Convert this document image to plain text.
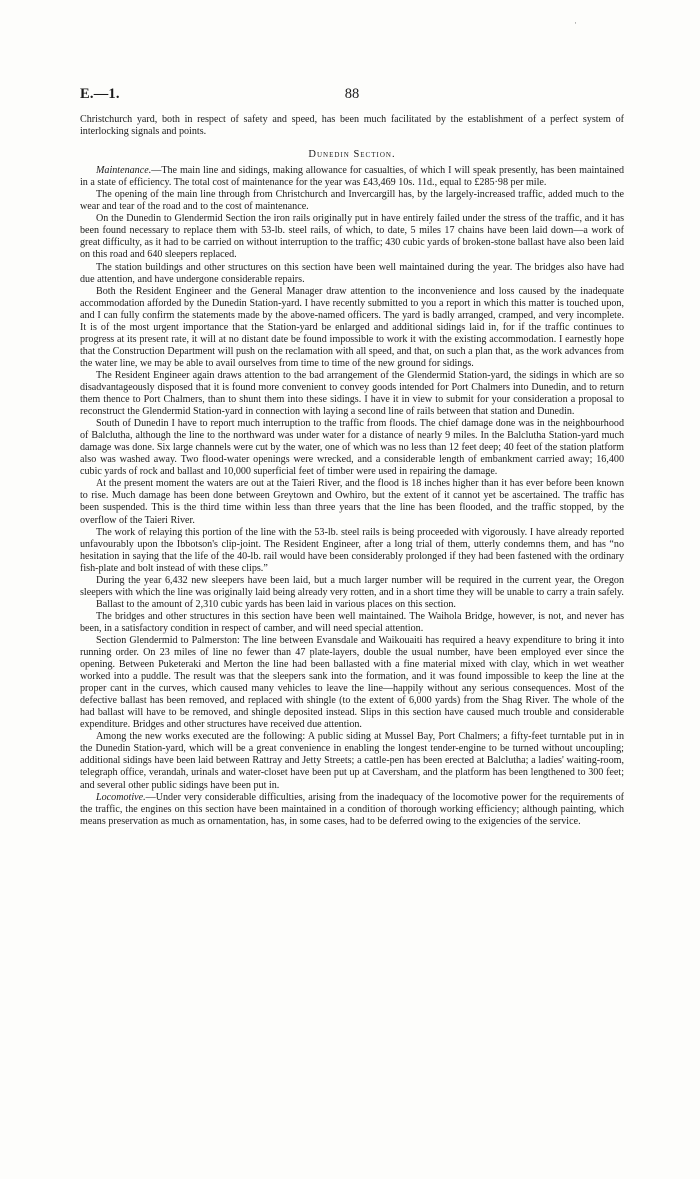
·
E.—1.	88

Christchurch yard, both in respect of safety and speed, has been much facilitated by the establishment of a perfect system of interlocking signals and points.

Dunedin Section.

Maintenance.—The main line and sidings, making allowance for casualties, of which I will speak presently, has been maintained in a state of efficiency. The total cost of maintenance for the year was £43,469 10s. 11d., equal to £285·98 per mile.

The opening of the main line through from Christchurch and Invercargill has, by the largely-increased traffic, added much to the wear and tear of the road and to the cost of maintenance.

On the Dunedin to Glendermid Section the iron rails originally put in have entirely failed under the stress of the traffic, and it has been found necessary to replace them with 53-lb. steel rails, of which, to date, 5 miles 17 chains have been laid down—a work of great difficulty, as it had to be carried on without interruption to the traffic; 430 cubic yards of broken-stone ballast have also been laid on this road and 640 sleepers replaced.

The station buildings and other structures on this section have been well maintained during the year. The bridges also have had due attention, and have undergone considerable repairs.

Both the Resident Engineer and the General Manager draw attention to the inconvenience and loss caused by the inadequate accommodation afforded by the Dunedin Station-yard. I have recently submitted to you a report in which this matter is touched upon, and I can fully confirm the statements made by the above-named officers. The yard is badly arranged, cramped, and very incomplete. It is of the most urgent importance that the Station-yard be enlarged and additional sidings laid in, for if the traffic continues to progress at its present rate, it will at no distant date be found impossible to work it with the existing accommodation. I earnestly hope that the Construction Department will push on the reclamation with all speed, and that, on such a plan that, as the work advances from the water line, we may be able to avail ourselves from time to time of the new ground for sidings.

The Resident Engineer again draws attention to the bad arrangement of the Glendermid Station-yard, the sidings in which are so disadvantageously disposed that it is found more convenient to convey goods intended for Port Chalmers into Dunedin, and to return them thence to Port Chalmers, than to shunt them into these sidings. I have it in view to submit for your consideration a proposal to reconstruct the Glendermid Station-yard in connection with laying a second line of rails between that station and Dunedin.

South of Dunedin I have to report much interruption to the traffic from floods. The chief damage done was in the neighbourhood of Balclutha, although the line to the northward was under water for a distance of nearly 9 miles. In the Balclutha Station-yard much damage was done. Six large channels were cut by the water, one of which was no less than 12 feet deep; 40 feet of the station platform also was washed away. Two flood-water openings were wrecked, and a considerable length of embankment carried away; 16,400 cubic yards of rock and ballast and 10,000 superficial feet of timber were used in repairing the damage.

At the present moment the waters are out at the Taieri River, and the flood is 18 inches higher than it has ever before been known to rise. Much damage has been done between Greytown and Owhiro, but the extent of it cannot yet be ascertained. The traffic has been suspended. This is the third time within less than three years that the line has been flooded, and the traffic stopped, by the overflow of the Taieri River.

The work of relaying this portion of the line with the 53-lb. steel rails is being proceeded with vigorously. I have already reported unfavourably upon the Ibbotson's clip-joint. The Resident Engineer, after a long trial of them, utterly condemns them, and has “no hesitation in saying that the life of the 40-lb. rail would have been considerably prolonged if they had been fastened with the ordinary fish-plate and bolt instead of with these clips.”

During the year 6,432 new sleepers have been laid, but a much larger number will be required in the current year, the Oregon sleepers with which the line was originally laid being already very rotten, and in a short time they will be unable to carry a train safely.

Ballast to the amount of 2,310 cubic yards has been laid in various places on this section.

The bridges and other structures in this section have been well maintained. The Waihola Bridge, however, is not, and never has been, in a satisfactory condition in respect of camber, and will need special attention.

Section Glendermid to Palmerston: The line between Evansdale and Waikouaiti has required a heavy expenditure to bring it into running order. On 23 miles of line no fewer than 47 plate-layers, double the usual number, have been employed ever since the opening. Between Puketeraki and Merton the line had been ballasted with a fine material mixed with clay, which in wet weather worked into a puddle. The result was that the sleepers sank into the formation, and it was found impossible to keep the line at the proper cant in the curves, which caused many vehicles to leave the line—happily without any serious consequences. Most of the defective ballast has been removed, and replaced with shingle (to the extent of 6,000 yards) from the Shag River. The whole of the had ballast will have to be removed, and shingle deposited instead. Slips in this section have caused much trouble and considerable expenditure. Bridges and other structures have received due attention.

Among the new works executed are the following: A public siding at Mussel Bay, Port Chalmers; a fifty-feet turntable put in in the Dunedin Station-yard, which will be a great convenience in enabling the longest tender-engine to be turned without uncoupling; additional sidings have been laid between Rattray and Jetty Streets; a cattle-pen has been erected at Balclutha; a ladies' waiting-room, telegraph office, verandah, urinals and water-closet have been put up at Caversham, and the platform has been lengthened to 300 feet; and several other public sidings have been put in.

Locomotive.—Under very considerable difficulties, arising from the inadequacy of the locomotive power for the requirements of the traffic, the engines on this section have been maintained in a condition of thorough working efficiency; although painting, which means preservation as much as ornamentation, has, in some cases, had to be deferred owing to the exigencies of the service.
